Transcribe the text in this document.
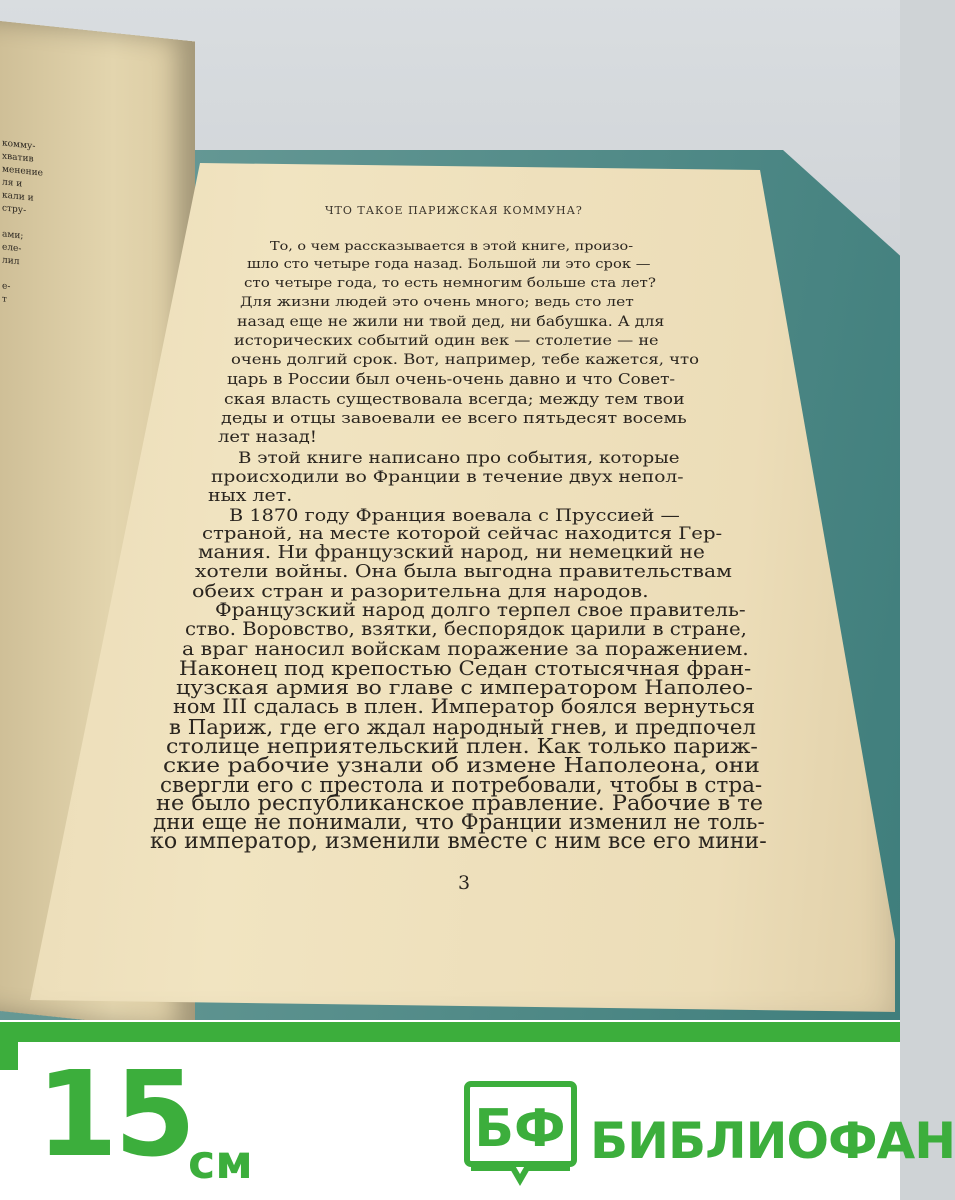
комму-
хватив
менение
ля и
кали и
стру-

ами;
еле-
лил

е-
т
ЧТО ТАКОЕ ПАРИЖСКАЯ КОММУНА?
То, о чем рассказывается в этой книге, произо-
шло сто четыре года назад. Большой ли это срок —
сто четыре года, то есть немногим больше ста лет?
Для жизни людей это очень много; ведь сто лет
назад еще не жили ни твой дед, ни бабушка. А для
исторических событий один век — столетие — не
очень долгий срок. Вот, например, тебе кажется, что
царь в России был очень-очень давно и что Совет-
ская власть существовала всегда; между тем твои
деды и отцы завоевали ее всего пятьдесят восемь
лет назад!
В этой книге написано про события, которые
происходили во Франции в течение двух непол-
ных лет.
В 1870 году Франция воевала с Пруссией —
страной, на месте которой сейчас находится Гер-
мания. Ни французский народ, ни немецкий не
хотели войны. Она была выгодна правительствам
обеих стран и разорительна для народов.
Французский народ долго терпел свое правитель-
ство. Воровство, взятки, беспорядок царили в стране,
а враг наносил войскам поражение за поражением.
Наконец под крепостью Седан стотысячная фран-
цузская армия во главе с императором Наполео-
ном III сдалась в плен. Император боялся вернуться
в Париж, где его ждал народный гнев, и предпочел
столице неприятельский плен. Как только париж-
ские рабочие узнали об измене Наполеона, они
свергли его с престола и потребовали, чтобы в стра-
не было республиканское правление. Рабочие в те
дни еще не понимали, что Франции изменил не толь-
ко император, изменили вместе с ним все его мини-
3
15
см
БФ БИБЛИОФАН
